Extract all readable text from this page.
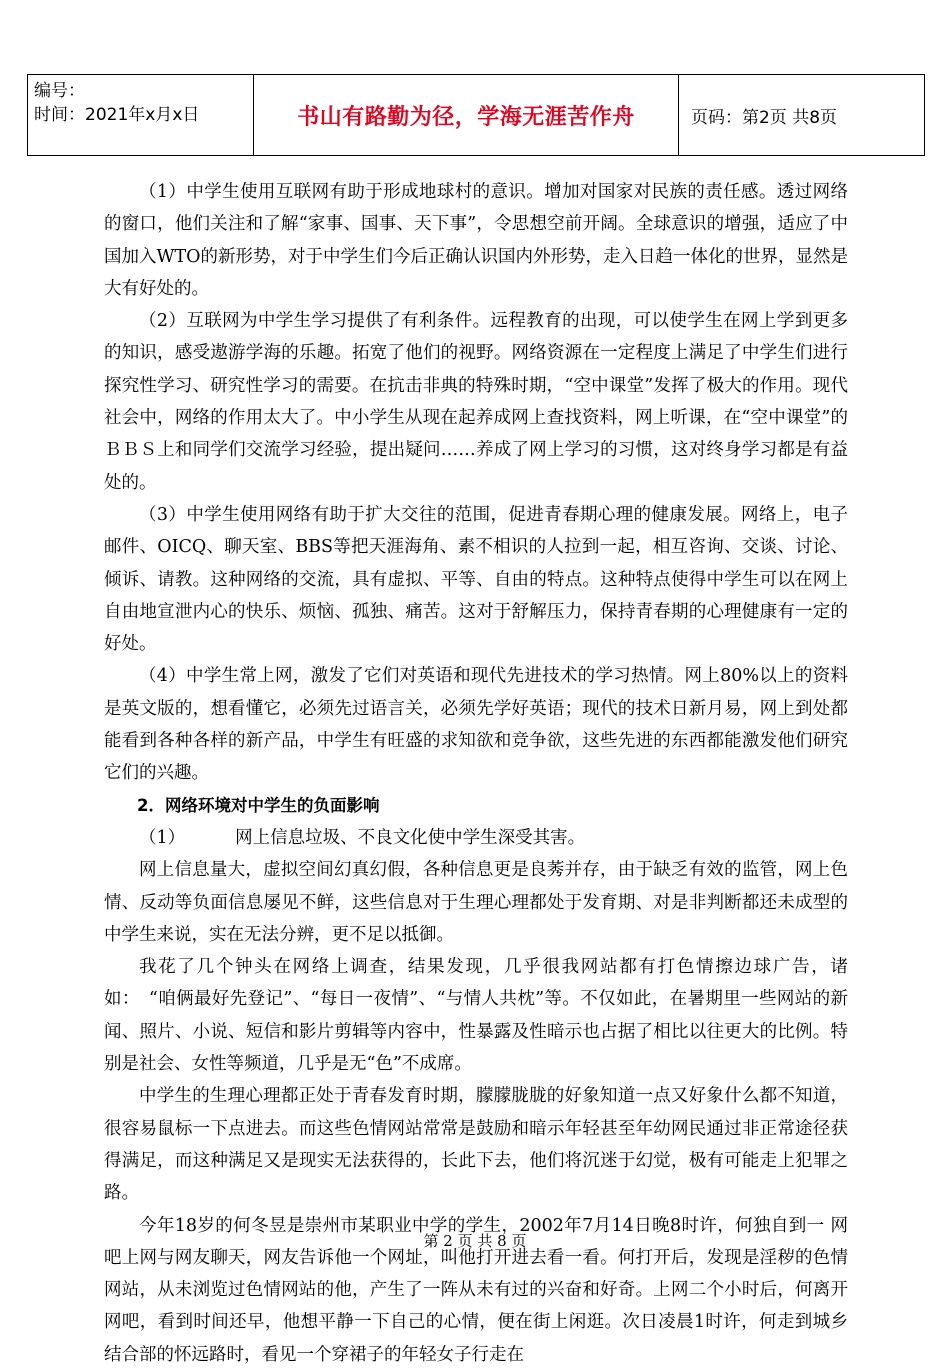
编号：
时间：2021年x月x日	书山有路勤为径，学海无涯苦作舟	页码：第2页 共8页

（1）中学生使用互联网有助于形成地球村的意识。增加对国家对民族的责任感。透过网络的窗口，他们关注和了解“家事、国事、天下事”，令思想空前开阔。全球意识的增强，适应了中国加入WTO的新形势，对于中学生们今后正确认识国内外形势，走入日趋一体化的世界，显然是大有好处的。

（2）互联网为中学生学习提供了有利条件。远程教育的出现，可以使学生在网上学到更多的知识，感受遨游学海的乐趣。拓宽了他们的视野。网络资源在一定程度上满足了中学生们进行探究性学习、研究性学习的需要。在抗击非典的特殊时期，“空中课堂”发挥了极大的作用。现代社会中，网络的作用太大了。中小学生从现在起养成网上查找资料，网上听课，在“空中课堂”的ＢＢＳ上和同学们交流学习经验，提出疑问……养成了网上学习的习惯，这对终身学习都是有益处的。

（3）中学生使用网络有助于扩大交往的范围，促进青春期心理的健康发展。网络上，电子邮件、OICQ、聊天室、BBS等把天涯海角、素不相识的人拉到一起，相互咨询、交谈、讨论、倾诉、请教。这种网络的交流，具有虚拟、平等、自由的特点。这种特点使得中学生可以在网上自由地宣泄内心的快乐、烦恼、孤独、痛苦。这对于舒解压力，保持青春期的心理健康有一定的好处。

（4）中学生常上网，激发了它们对英语和现代先进技术的学习热情。网上80%以上的资料是英文版的，想看懂它，必须先过语言关，必须先学好英语；现代的技术日新月易，网上到处都能看到各种各样的新产品，中学生有旺盛的求知欲和竞争欲，这些先进的东西都能激发他们研究它们的兴趣。

2．网络环境对中学生的负面影响

（1）	网上信息垃圾、不良文化使中学生深受其害。

网上信息量大，虚拟空间幻真幻假，各种信息更是良莠并存，由于缺乏有效的监管，网上色情、反动等负面信息屡见不鲜，这些信息对于生理心理都处于发育期、对是非判断都还未成型的中学生来说，实在无法分辨，更不足以抵御。

我花了几个钟头在网络上调查，结果发现，几乎很我网站都有打色情擦边球广告，诸如：　“咱俩最好先登记”、“每日一夜情”、“与情人共枕”等。不仅如此，在暑期里一些网站的新闻、照片、小说、短信和影片剪辑等内容中，性暴露及性暗示也占据了相比以往更大的比例。特别是社会、女性等频道，几乎是无“色”不成席。

中学生的生理心理都正处于青春发育时期，朦朦胧胧的好象知道一点又好象什么都不知道，很容易鼠标一下点进去。而这些色情网站常常是鼓励和暗示年轻甚至年幼网民通过非正常途径获得满足，而这种满足又是现实无法获得的，长此下去，他们将沉迷于幻觉，极有可能走上犯罪之路。

今年18岁的何冬昱是崇州市某职业中学的学生，2002年7月14日晚8时许，何独自到一 网吧上网与网友聊天，网友告诉他一个网址，叫他打开进去看一看。何打开后，发现是淫秽的色情网站，从未浏览过色情网站的他，产生了一阵从未有过的兴奋和好奇。上网二个小时后，何离开网吧，看到时间还早，他想平静一下自己的心情，便在街上闲逛。次日凌晨1时许，何走到城乡结合部的怀远路时，看见一个穿裙子的年轻女子行走在

第 2 页 共 8 页
